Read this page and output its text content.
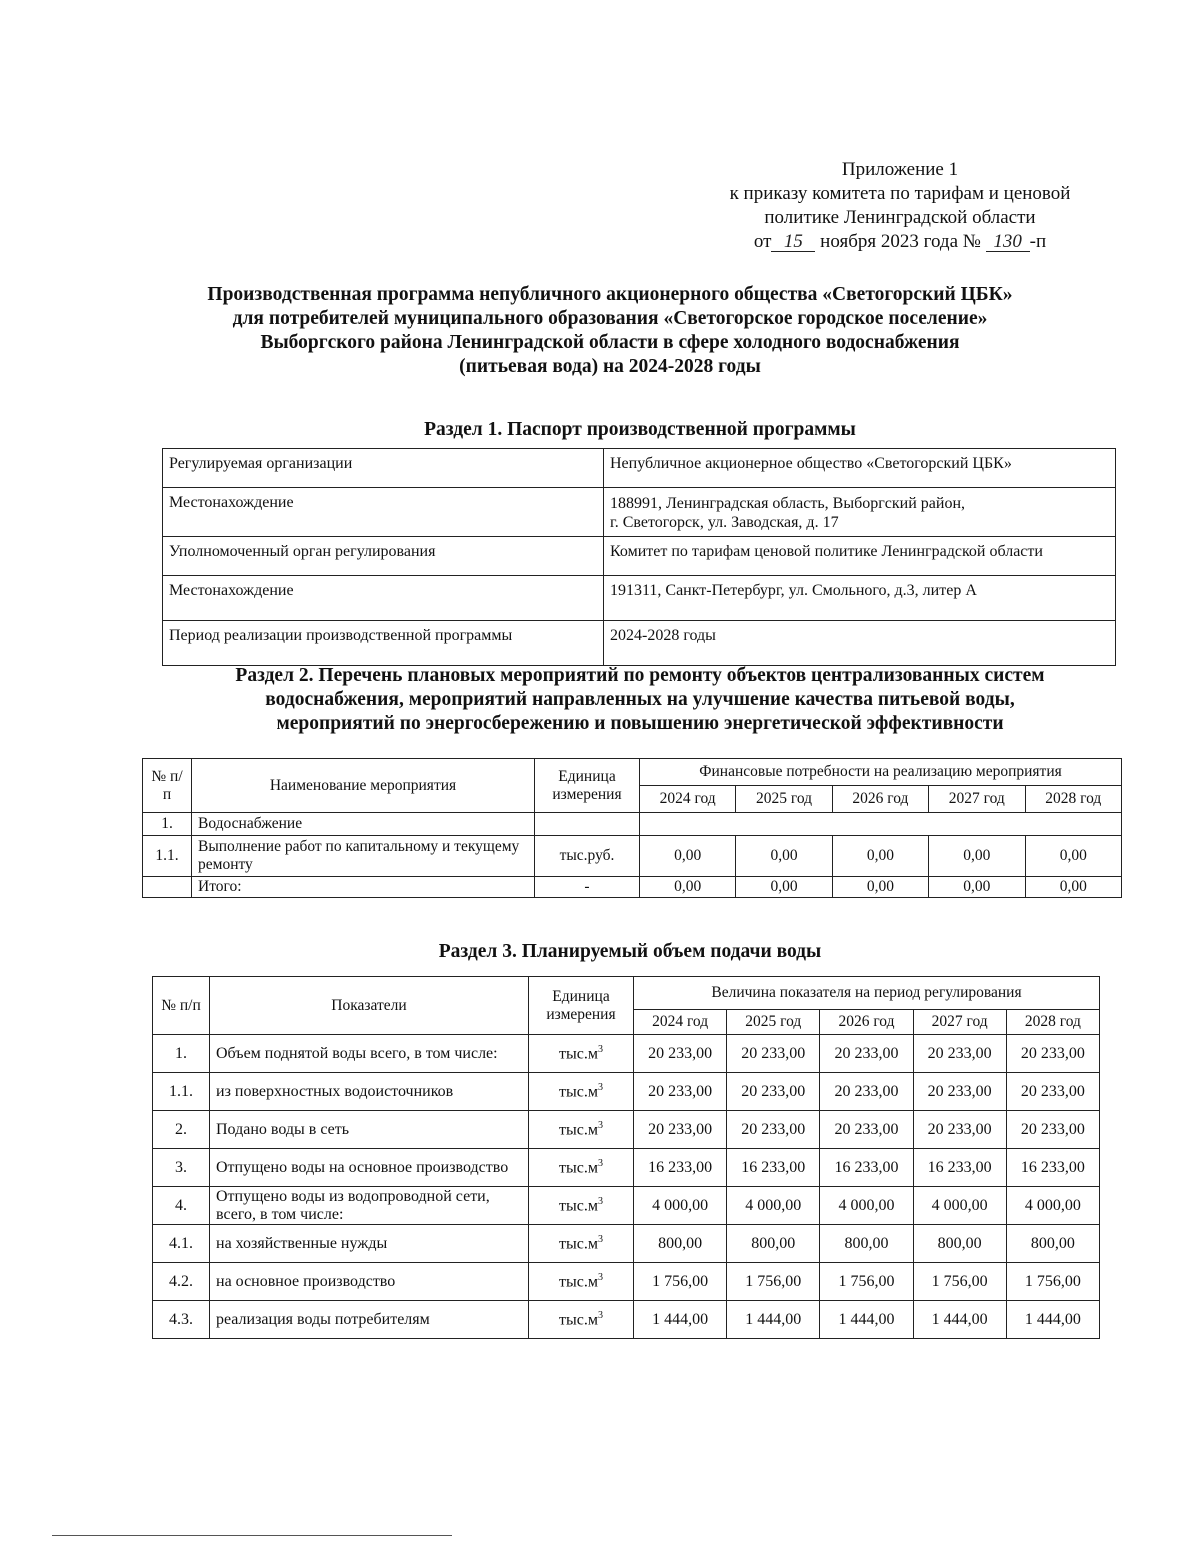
Приложение 1
к приказу комитета по тарифам и ценовой
политике Ленинградской области
от 15 ноября 2023 года № 130 -п
Производственная программа непубличного акционерного общества «Светогорский ЦБК»
для потребителей муниципального образования «Светогорское городское поселение»
Выборгского района Ленинградской области в сфере холодного водоснабжения
(питьевая вода) на 2024-2028 годы
Раздел 1. Паспорт производственной программы
Регулируемая организации	Непубличное акционерное общество «Светогорский ЦБК»
Местонахождение	188991, Ленинградская область, Выборгский район,
г. Светогорск, ул. Заводская, д. 17
Уполномоченный орган регулирования	Комитет по тарифам ценовой политике Ленинградской области
Местонахождение	191311, Санкт-Петербург, ул. Смольного, д.3, литер А
Период реализации производственной программы	2024-2028 годы
Раздел 2. Перечень плановых мероприятий по ремонту объектов централизованных систем
водоснабжения, мероприятий направленных на улучшение качества питьевой воды,
мероприятий по энергосбережению и повышению энергетической эффективности
№ п/п	Наименование мероприятия	Единица измерения	Финансовые потребности на реализацию мероприятия				
			2024 год	2025 год	2026 год	2027 год	2028 год
1.	Водоснабжение						
1.1.	Выполнение работ по капитальному и текущему ремонту	тыс.руб.	0,00	0,00	0,00	0,00	0,00
	Итого:	-	0,00	0,00	0,00	0,00	0,00
Раздел 3. Планируемый объем подачи воды
№ п/п	Показатели	Единица измерения	Величина показателя на период регулирования				
			2024 год	2025 год	2026 год	2027 год	2028 год
1.	Объем поднятой воды всего, в том числе:	$тыс.м^3$	20 233,00	20 233,00	20 233,00	20 233,00	20 233,00
1.1.	из поверхностных водоисточников	$тыс.м^3$	20 233,00	20 233,00	20 233,00	20 233,00	20 233,00
2.	Подано воды в сеть	$тыс.м^3$	20 233,00	20 233,00	20 233,00	20 233,00	20 233,00
3.	Отпущено воды на основное производство	$тыс.м^3$	16 233,00	16 233,00	16 233,00	16 233,00	16 233,00
4.	Отпущено воды из водопроводной сети, всего, в том числе:	$тыс.м^3$	4 000,00	4 000,00	4 000,00	4 000,00	4 000,00
4.1.	на хозяйственные нужды	$тыс.м^3$	800,00	800,00	800,00	800,00	800,00
4.2.	на основное производство	$тыс.м^3$	1 756,00	1 756,00	1 756,00	1 756,00	1 756,00
4.3.	реализация воды потребителям	$тыс.м^3$	1 444,00	1 444,00	1 444,00	1 444,00	1 444,00
